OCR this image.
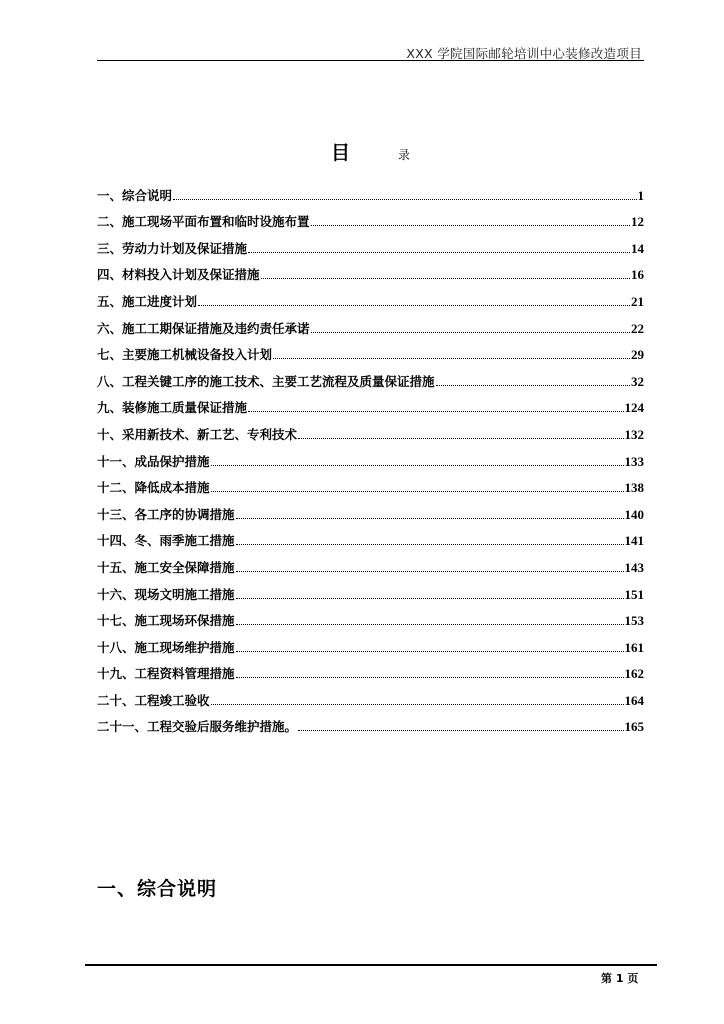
XXX 学院国际邮轮培训中心装修改造项目
目	录
一、综合说明	1
二、施工现场平面布置和临时设施布置	12
三、劳动力计划及保证措施	14
四、材料投入计划及保证措施	16
五、施工进度计划	21
六、施工工期保证措施及违约责任承诺	22
七、主要施工机械设备投入计划	29
八、工程关键工序的施工技术、主要工艺流程及质量保证措施	32
九、装修施工质量保证措施	124
十、采用新技术、新工艺、专利技术	132
十一、成品保护措施	133
十二、降低成本措施	138
十三、各工序的协调措施	140
十四、冬、雨季施工措施	141
十五、施工安全保障措施	143
十六、现场文明施工措施	151
十七、施工现场环保措施	153
十八、施工现场维护措施	161
十九、工程资料管理措施	162
二十、工程竣工验收	164
二十一、工程交验后服务维护措施。	165
一、综合说明
第 1 页
